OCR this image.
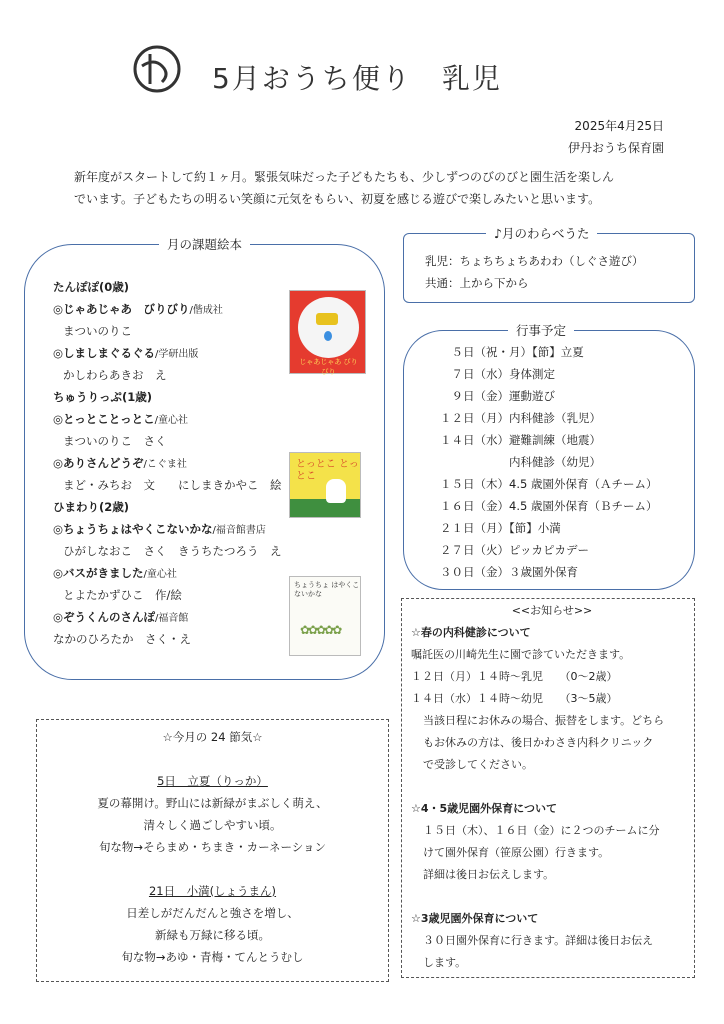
5月おうち便り　乳児
2025年4月25日
伊丹おうち保育園

新年度がスタートして約１ヶ月。緊張気味だった子どもたちも、少しずつのびのびと園生活を楽しん

でいます。子どもたちの明るい笑顔に元気をもらい、初夏を感じる遊びで楽しみたいと思います。

月の課題絵本
たんぽぽ(0歳)
◎じゃあじゃあ　びりびり/偕成社
まついのりこ
◎しましまぐるぐる/学研出版
かしわらあきお　え
ちゅうりっぷ(1歳)
◎とっとことっとこ/童心社
まついのりこ　さく
◎ありさんどうぞ/こぐま社
まど・みちお　文　　にしまきかやこ　絵
ひまわり(2歳)
◎ちょうちょはやくこないかな/福音館書店
ひがしなおこ　さく　きうちたつろう　え
◎バスがきました/童心社
とよたかずひこ　作/絵
◎ぞうくんのさんぽ/福音館
なかのひろたか　さく・え
じゃあじゃあ びりびり
とっとこ とっとこ
ちょうちょ はやくこないかな
✿✿✿✿✿
♪月のわらべうた
乳児：ちょちちょちあわわ（しぐさ遊び）
共通：上から下から
行事予定
　５日（祝・月）【節】立夏
　７日（水）身体測定
　９日（金）運動遊び
１２日（月）内科健診（乳児）
１４日（水）避難訓練（地震）
　　　　　　内科健診（幼児）
１５日（木）4.5 歳園外保育（Ａチーム）
１６日（金）4.5 歳園外保育（Ｂチーム）
２１日（月）【節】小満
２７日（火）ピッカピカデー
３０日（金）３歳園外保育
<<お知らせ>>
☆春の内科健診について
嘱託医の川崎先生に園で診ていただきます。
１２日（月）１４時～乳児　　（0～2歳）
１４日（水）１４時～幼児　　（3～5歳）
当該日程にお休みの場合、振替をします。どちら
もお休みの方は、後日かわさき内科クリニック
で受診してください。
☆4・5歳児園外保育について
１５日（木）、１６日（金）に２つのチームに分
けて園外保育（笹原公園）行きます。
詳細は後日お伝えします。
☆3歳児園外保育について
３０日園外保育に行きます。詳細は後日お伝え
します。
☆今月の 24 節気☆
5日　立夏（りっか）
夏の幕開け。野山には新緑がまぶしく萌え、
清々しく過ごしやすい頃。
旬な物→そらまめ・ちまき・カーネーション
21日　小満(しょうまん)
日差しがだんだんと強さを増し、
新緑も万緑に移る頃。
旬な物→あゆ・青梅・てんとうむし
